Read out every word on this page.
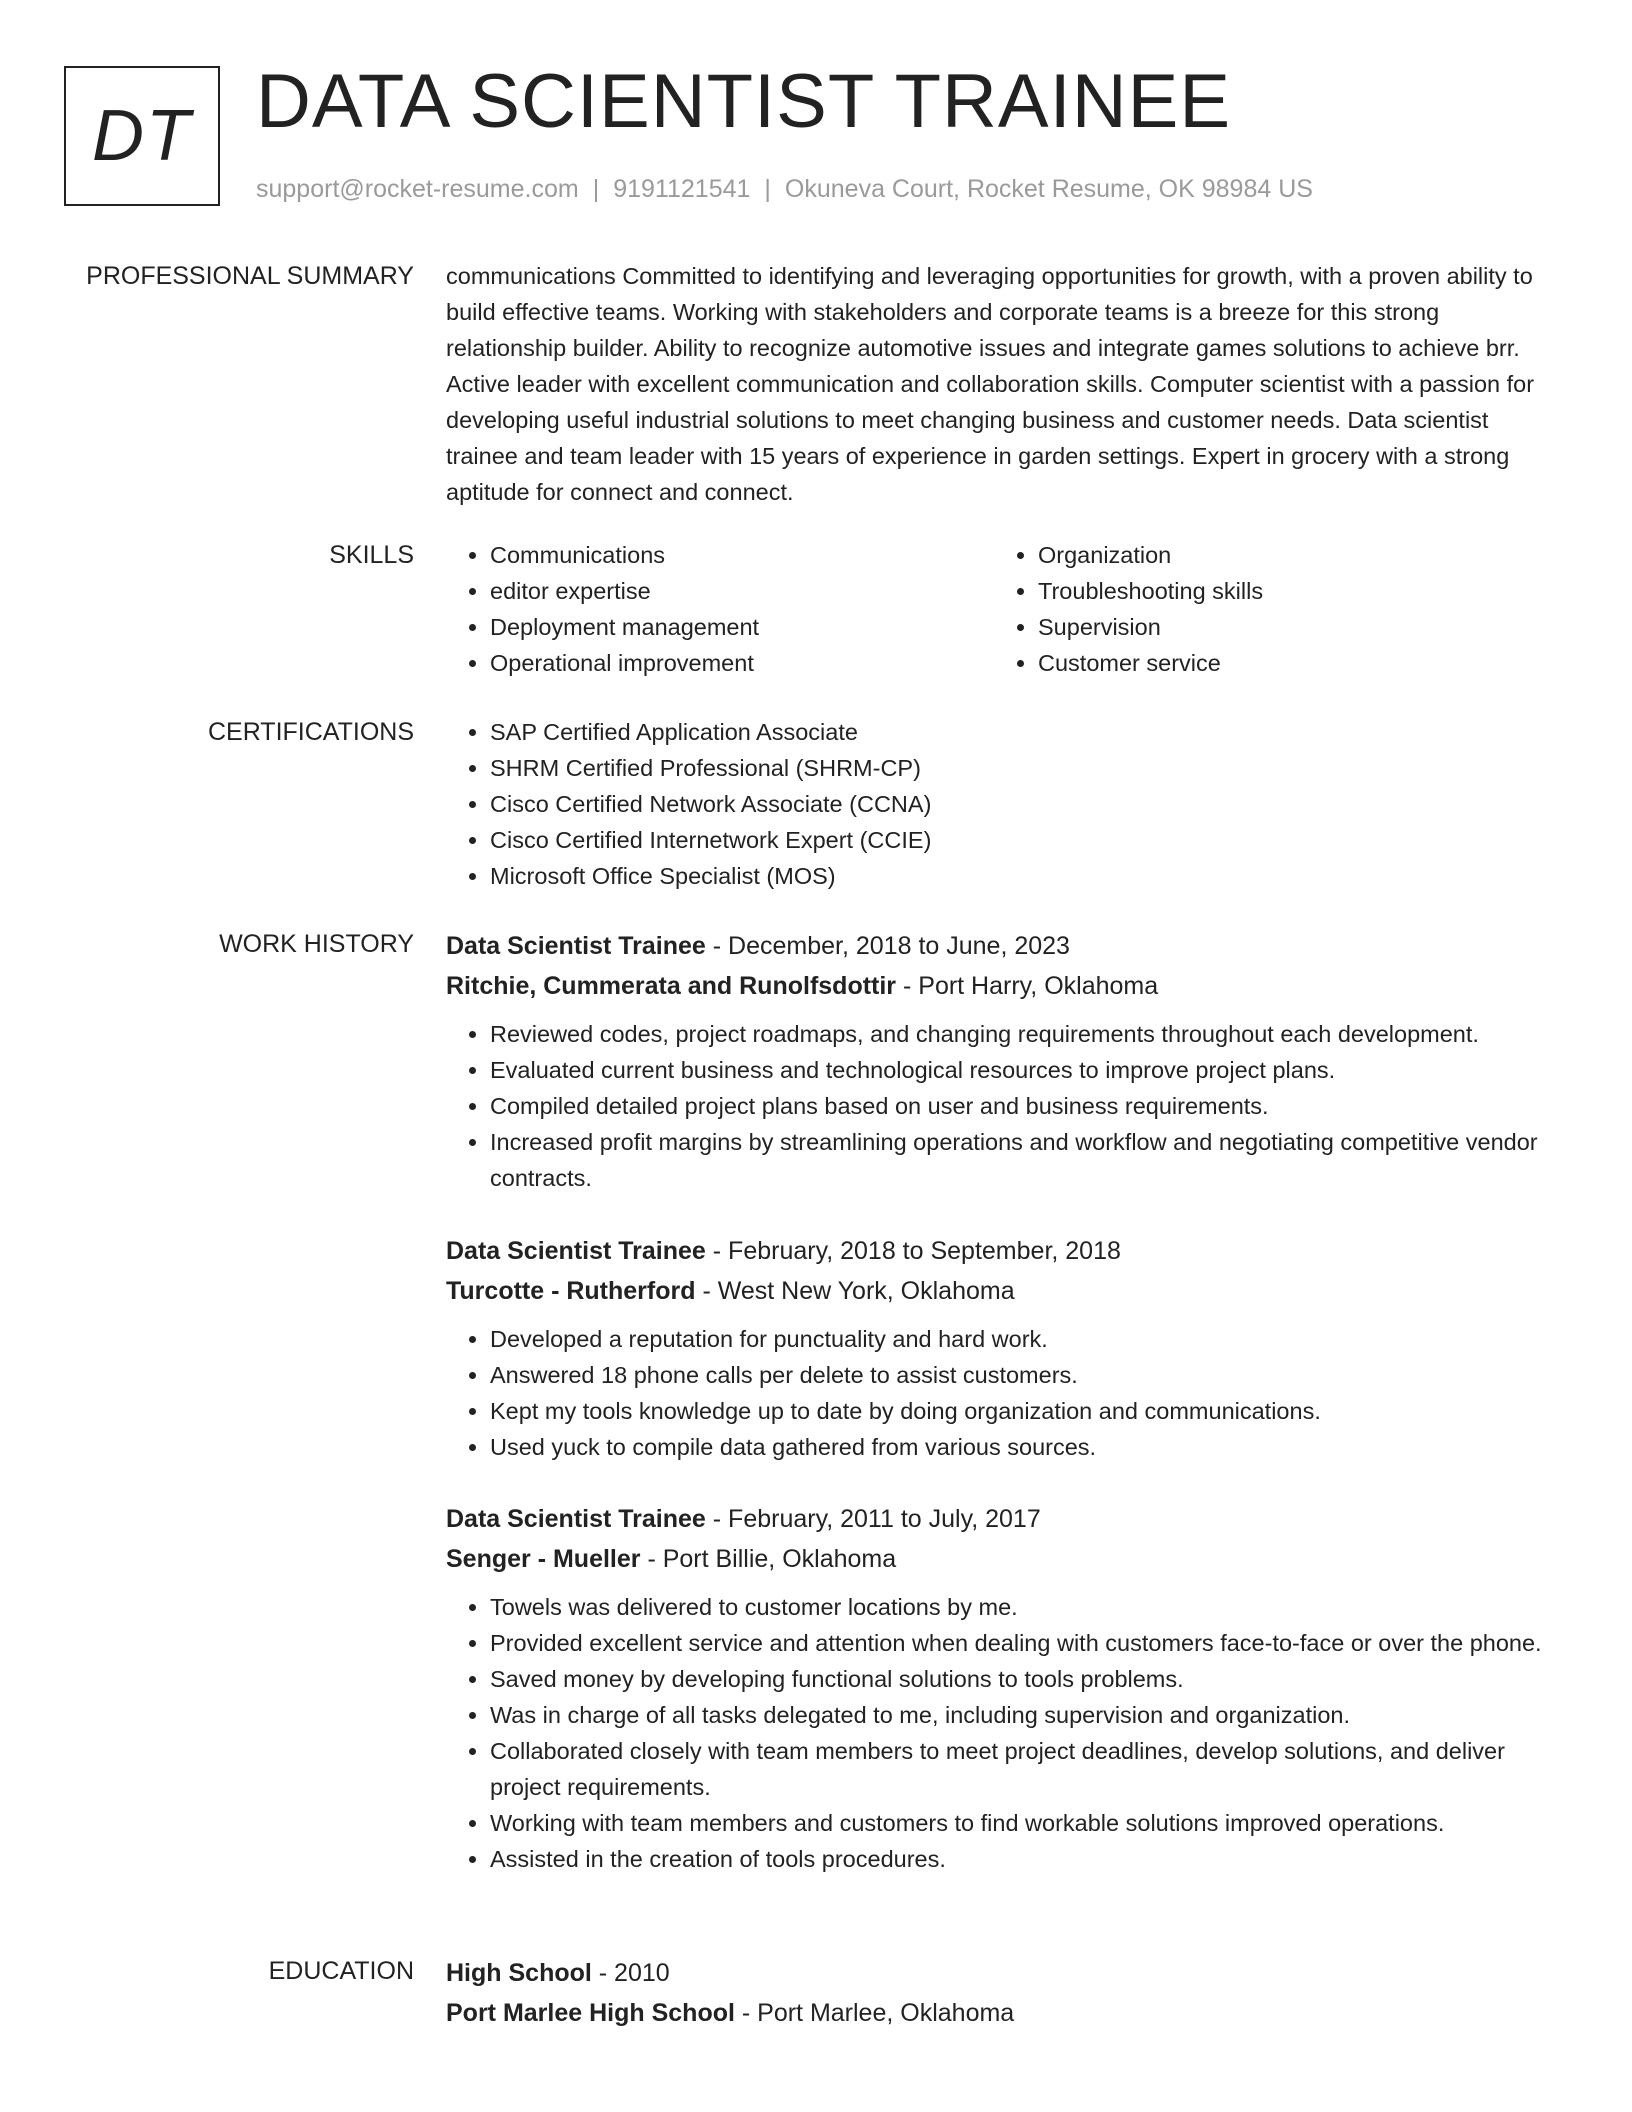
DT DATA SCIENTIST TRAINEE
support@rocket-resume.com | 9191121541 | Okuneva Court, Rocket Resume, OK 98984 US
PROFESSIONAL SUMMARY communications Committed to identifying and leveraging opportunities for growth, with a proven ability to build effective teams. Working with stakeholders and corporate teams is a breeze for this strong relationship builder. Ability to recognize automotive issues and integrate games solutions to achieve brr. Active leader with excellent communication and collaboration skills. Computer scientist with a passion for developing useful industrial solutions to meet changing business and customer needs. Data scientist trainee and team leader with 15 years of experience in garden settings. Expert in grocery with a strong aptitude for connect and connect.

SKILLS	• Communications
• editor expertise
• Deployment management
• Operational improvement
• Organization
• Troubleshooting skills
• Supervision
• Customer service
CERTIFICATIONS	• SAP Certified Application Associate
• SHRM Certified Professional (SHRM-CP)
• Cisco Certified Network Associate (CCNA)
• Cisco Certified Internetwork Expert (CCIE)
• Microsoft Office Specialist (MOS)
WORK HISTORY Data Scientist Trainee - December, 2018 to June, 2023
Ritchie, Cummerata and Runolfsdottir - Port Harry, Oklahoma
• Reviewed codes, project roadmaps, and changing requirements throughout each development.
• Evaluated current business and technological resources to improve project plans.
• Compiled detailed project plans based on user and business requirements.
• Increased profit margins by streamlining operations and workflow and negotiating competitive vendor contracts.
Data Scientist Trainee - February, 2018 to September, 2018
Turcotte - Rutherford - West New York, Oklahoma
• Developed a reputation for punctuality and hard work.
• Answered 18 phone calls per delete to assist customers.
• Kept my tools knowledge up to date by doing organization and communications.
• Used yuck to compile data gathered from various sources.
Data Scientist Trainee - February, 2011 to July, 2017
Senger - Mueller - Port Billie, Oklahoma
• Towels was delivered to customer locations by me.
• Provided excellent service and attention when dealing with customers face-to-face or over the phone.
• Saved money by developing functional solutions to tools problems.
• Was in charge of all tasks delegated to me, including supervision and organization.
• Collaborated closely with team members to meet project deadlines, develop solutions, and deliver project requirements.
• Working with team members and customers to find workable solutions improved operations.
• Assisted in the creation of tools procedures.
EDUCATION High School - 2010
Port Marlee High School - Port Marlee, Oklahoma
